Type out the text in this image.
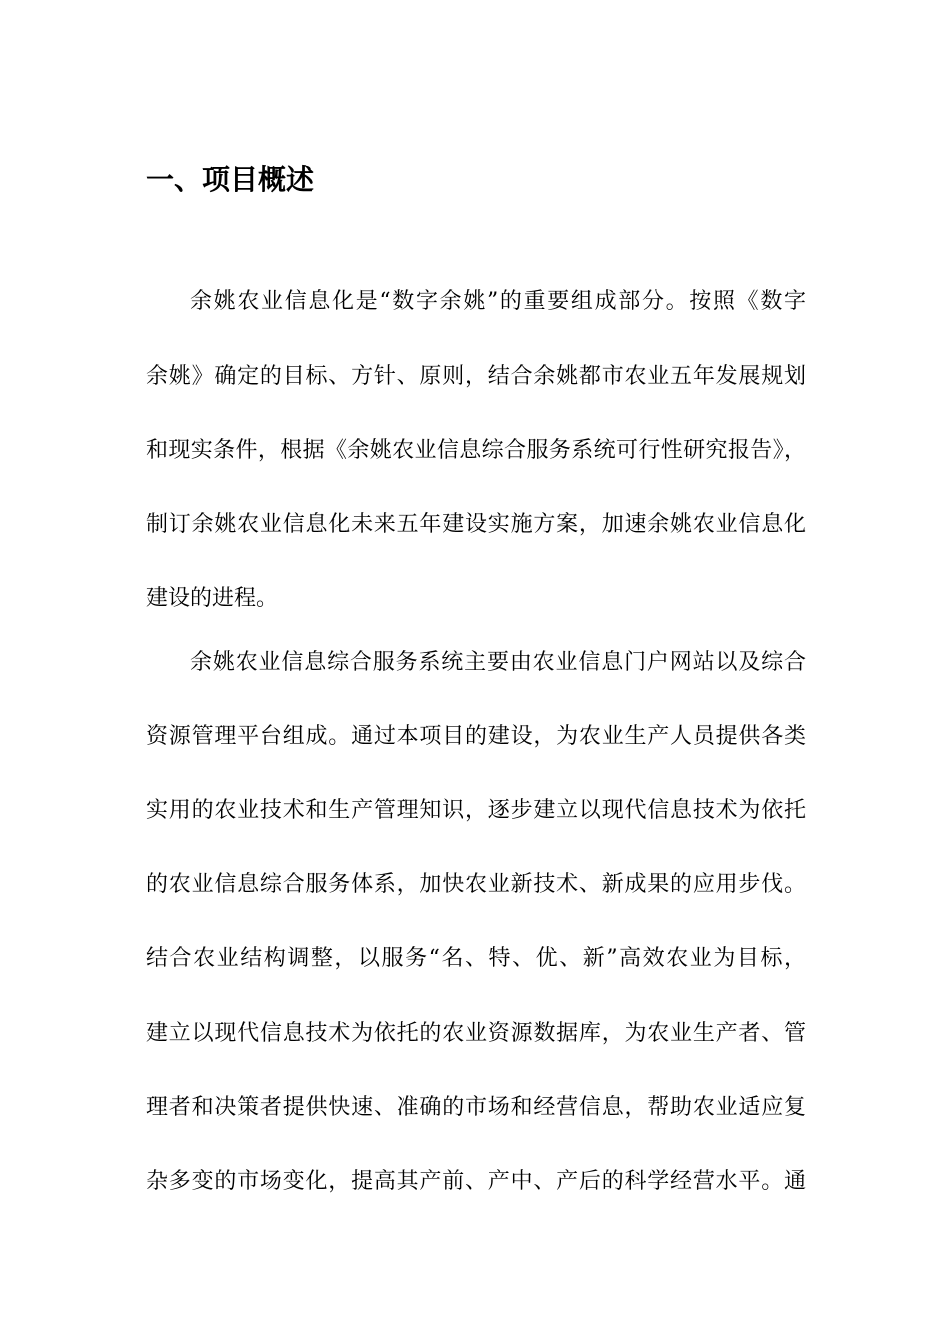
一、项目概述

余姚农业信息化是“数字余姚”的重要组成部分。按照《数字

余姚》确定的目标、方针、原则，结合余姚都市农业五年发展规划

和现实条件，根据《余姚农业信息综合服务系统可行性研究报告》，

制订余姚农业信息化未来五年建设实施方案，加速余姚农业信息化

建设的进程。

余姚农业信息综合服务系统主要由农业信息门户网站以及综合

资源管理平台组成。通过本项目的建设，为农业生产人员提供各类

实用的农业技术和生产管理知识，逐步建立以现代信息技术为依托

的农业信息综合服务体系，加快农业新技术、新成果的应用步伐。

结合农业结构调整，以服务“名、特、优、新”高效农业为目标，

建立以现代信息技术为依托的农业资源数据库，为农业生产者、管

理者和决策者提供快速、准确的市场和经营信息，帮助农业适应复

杂多变的市场变化，提高其产前、产中、产后的科学经营水平。通
